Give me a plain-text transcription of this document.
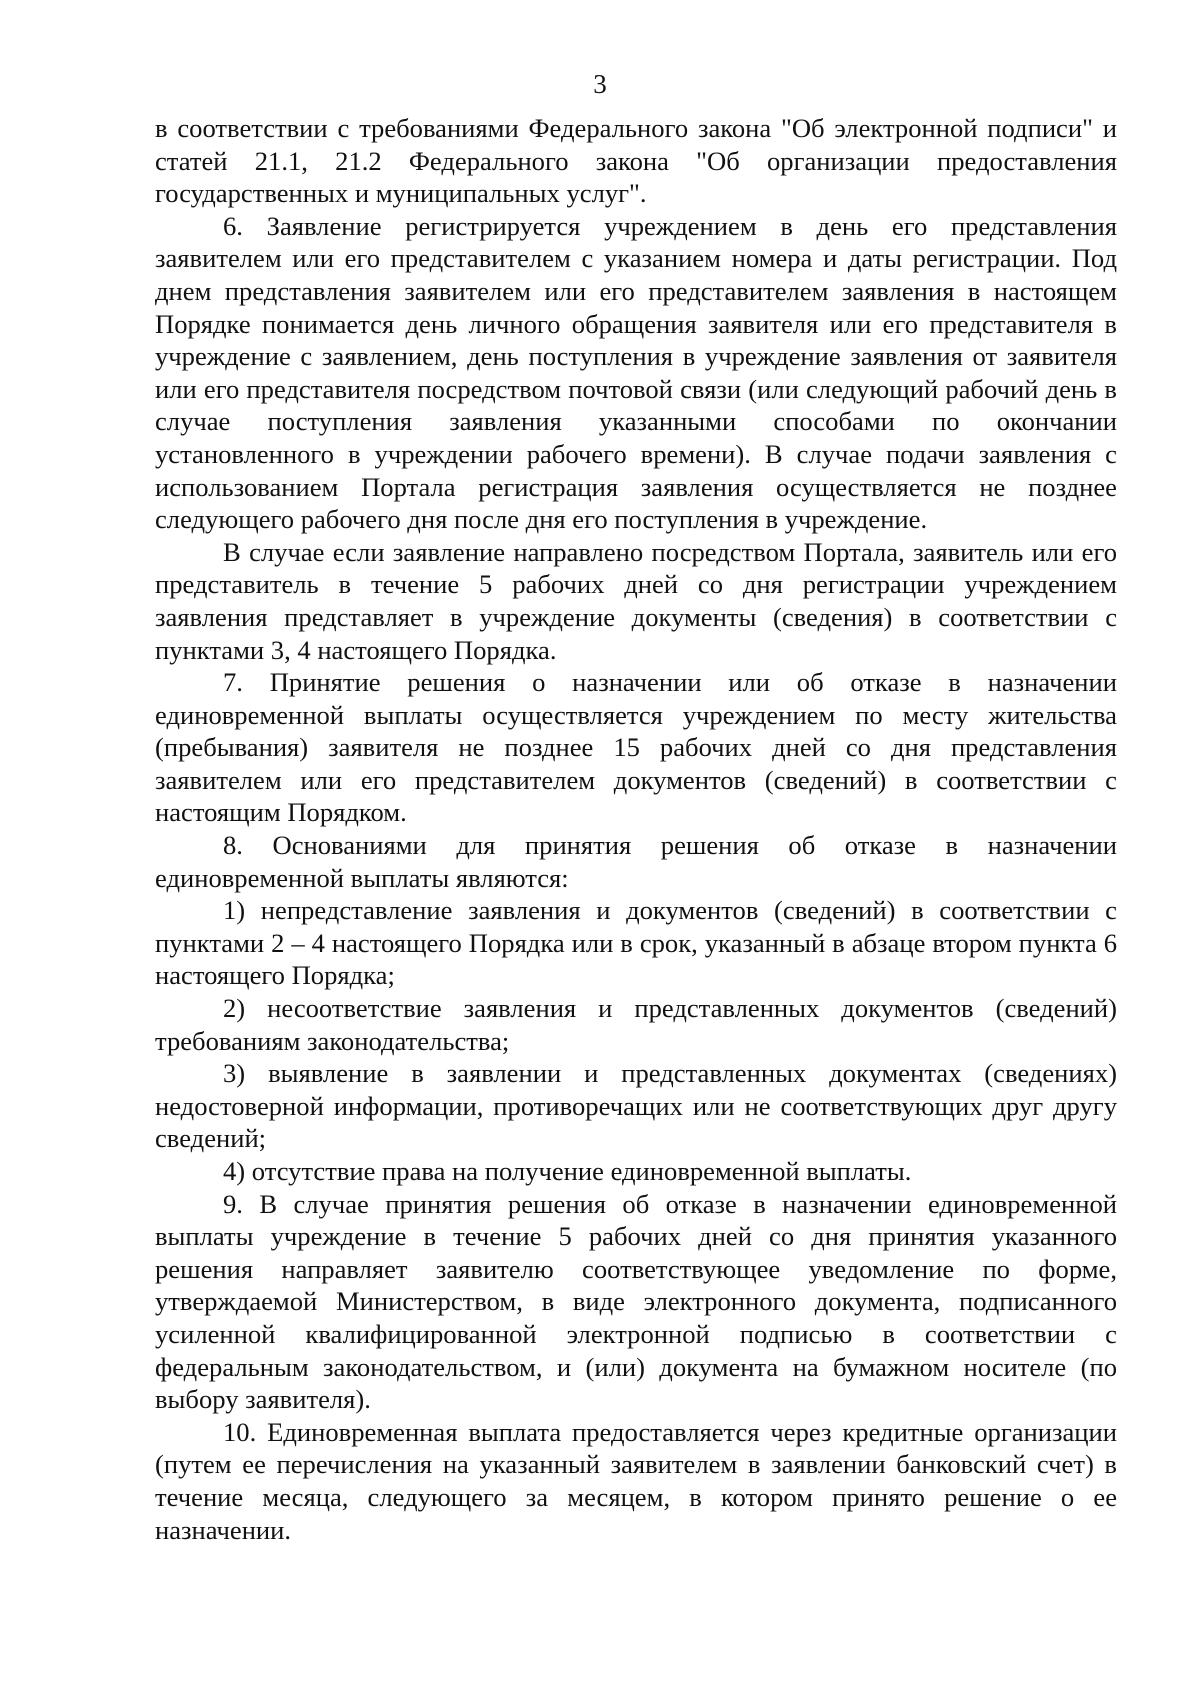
3

в соответствии с требованиями Федерального закона "Об электронной подписи" и статей 21.1, 21.2 Федерального закона "Об организации предоставления государственных и муниципальных услуг".

6. Заявление регистрируется учреждением в день его представления заявителем или его представителем с указанием номера и даты регистрации. Под днем представления заявителем или его представителем заявления в настоящем Порядке понимается день личного обращения заявителя или его представителя в учреждение с заявлением, день поступления в учреждение заявления от заявителя или его представителя посредством почтовой связи (или следующий рабочий день в случае поступления заявления указанными способами по окончании установленного в учреждении рабочего времени). В случае подачи заявления с использованием Портала регистрация заявления осуществляется не позднее следующего рабочего дня после дня его поступления в учреждение.

В случае если заявление направлено посредством Портала, заявитель или его представитель в течение 5 рабочих дней со дня регистрации учреждением заявления представляет в учреждение документы (сведения) в соответствии с пунктами 3, 4 настоящего Порядка.

7. Принятие решения о назначении или об отказе в назначении единовременной выплаты осуществляется учреждением по месту жительства (пребывания) заявителя не позднее 15 рабочих дней со дня представления заявителем или его представителем документов (сведений) в соответствии с настоящим Порядком.

8. Основаниями для принятия решения об отказе в назначении единовременной выплаты являются:

1) непредставление заявления и документов (сведений) в соответствии с пунктами 2 – 4 настоящего Порядка или в срок, указанный в абзаце втором пункта 6 настоящего Порядка;

2) несоответствие заявления и представленных документов (сведений) требованиям законодательства;

3) выявление в заявлении и представленных документах (сведениях) недостоверной информации, противоречащих или не соответствующих друг другу сведений;

4) отсутствие права на получение единовременной выплаты.

9. В случае принятия решения об отказе в назначении единовременной выплаты учреждение в течение 5 рабочих дней со дня принятия указанного решения направляет заявителю соответствующее уведомление по форме, утверждаемой Министерством, в виде электронного документа, подписанного усиленной квалифицированной электронной подписью в соответствии с федеральным законодательством, и (или) документа на бумажном носителе (по выбору заявителя).

10. Единовременная выплата предоставляется через кредитные организации (путем ее перечисления на указанный заявителем в заявлении банковский счет) в течение месяца, следующего за месяцем, в котором принято решение о ее назначении.
